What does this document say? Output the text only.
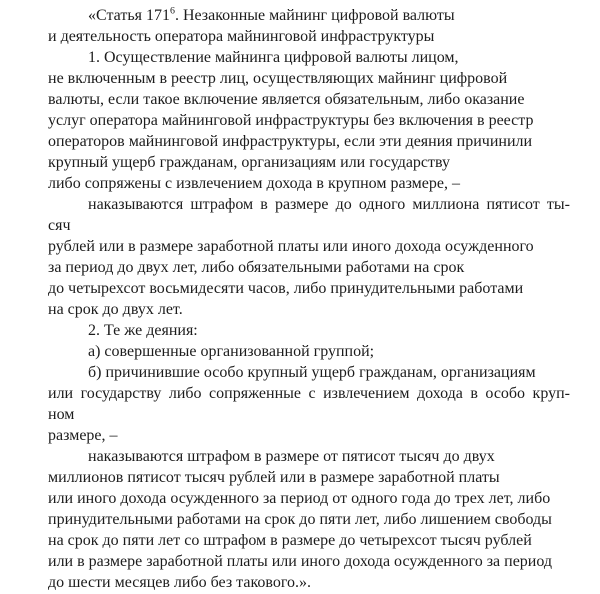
«Статья $171^6$. Незаконные майнинг цифровой валюты
и деятельность оператора майнинговой инфраструктуры
1. Осуществление майнинга цифровой валюты лицом,
не включенным в реестр лиц, осуществляющих майнинг цифровой
валюты, если такое включение является обязательным, либо оказание
услуг оператора майнинговой инфраструктуры без включения в реестр
операторов майнинговой инфраструктуры, если эти деяния причинили
крупный ущерб гражданам, организациям или государству
либо сопряжены с извлечением дохода в крупном размере, –
наказываются штрафом в размере до одного миллиона пятисот ты-
сяч
рублей или в размере заработной платы или иного дохода осужденного
за период до двух лет, либо обязательными работами на срок
до четырехсот восьмидесяти часов, либо принудительными работами
на срок до двух лет.
2. Те же деяния:
а) совершенные организованной группой;
б) причинившие особо крупный ущерб гражданам, организациям
или государству либо сопряженные с извлечением дохода в особо круп-
ном
размере, –
наказываются штрафом в размере от пятисот тысяч до двух
миллионов пятисот тысяч рублей или в размере заработной платы
или иного дохода осужденного за период от одного года до трех лет, либо
принудительными работами на срок до пяти лет, либо лишением свободы
на срок до пяти лет со штрафом в размере до четырехсот тысяч рублей
или в размере заработной платы или иного дохода осужденного за период
до шести месяцев либо без такового.».
